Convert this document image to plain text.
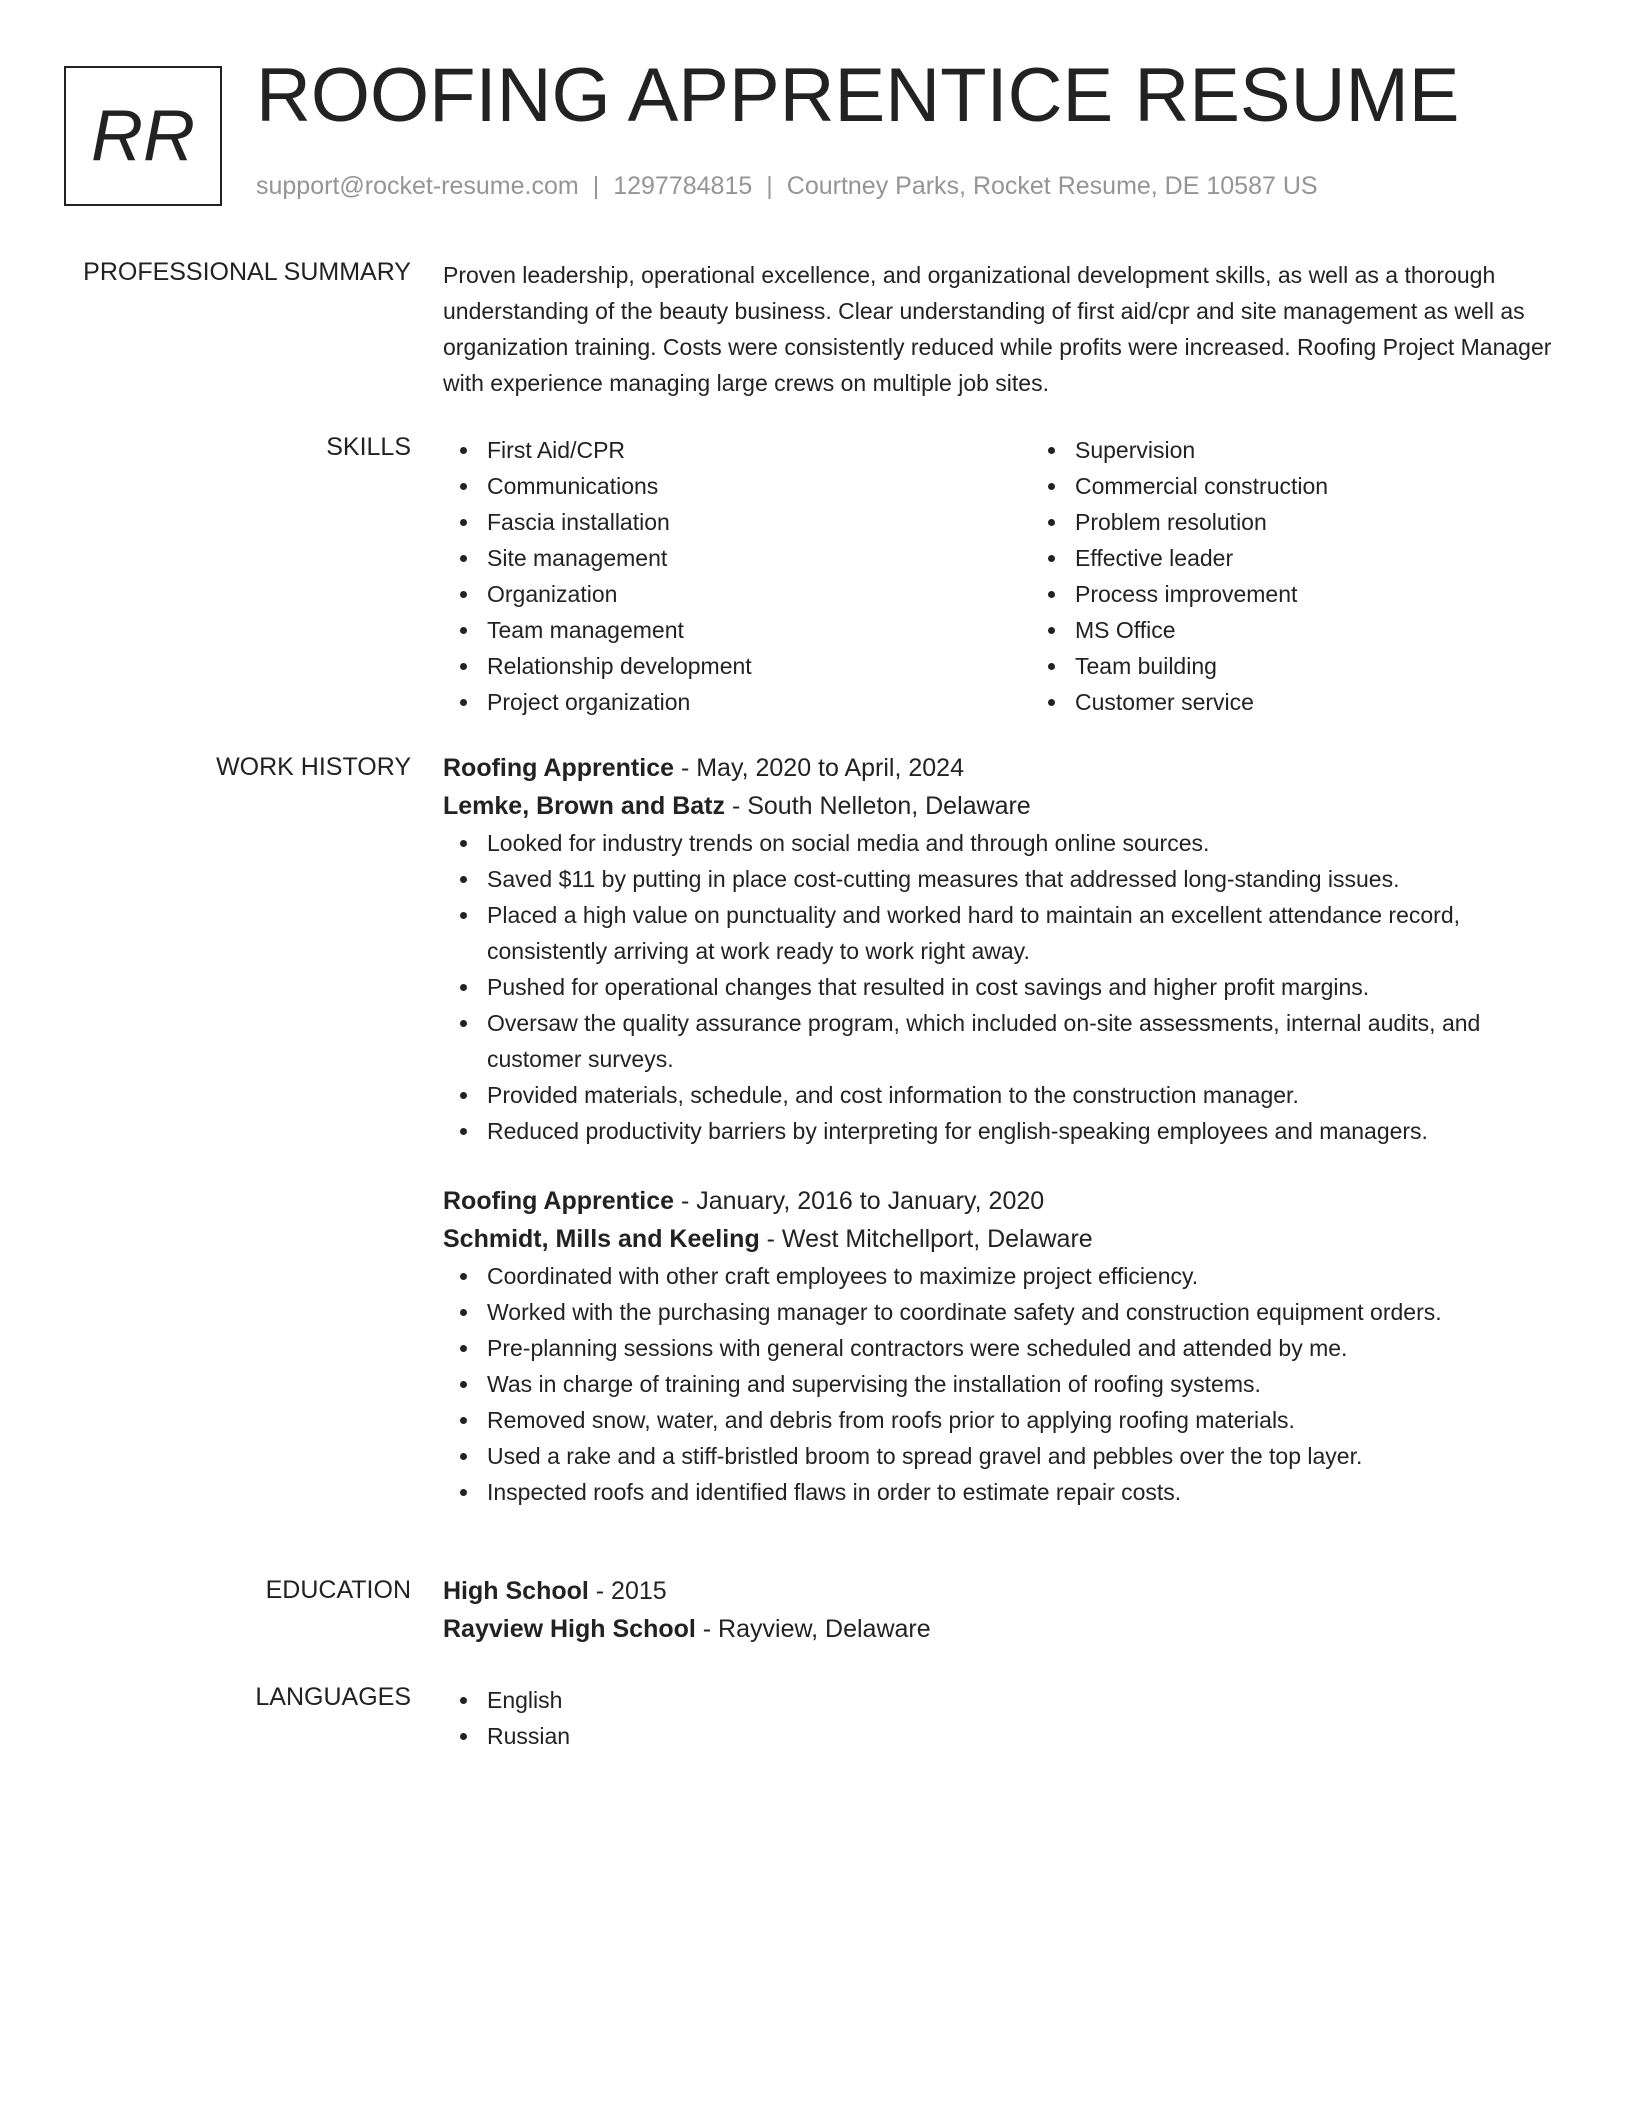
RR ROOFING APPRENTICE RESUME
support@rocket-resume.com | 1297784815 | Courtney Parks, Rocket Resume, DE 10587 US
PROFESSIONAL SUMMARY Proven leadership, operational excellence, and organizational development skills, as well as a thorough understanding of the beauty business. Clear understanding of first aid/cpr and site management as well as organization training. Costs were consistently reduced while profits were increased. Roofing Project Manager with experience managing large crews on multiple job sites.

SKILLS	First Aid/CPR
Communications
Fascia installation
Site management
Organization
Team management
Relationship development
Project organization
Supervision
Commercial construction
Problem resolution
Effective leader
Process improvement
MS Office
Team building
Customer service
WORK HISTORY Roofing Apprentice - May, 2020 to April, 2024
Lemke, Brown and Batz - South Nelleton, Delaware
Looked for industry trends on social media and through online sources.
Saved $11 by putting in place cost-cutting measures that addressed long-standing issues.
Placed a high value on punctuality and worked hard to maintain an excellent attendance record, consistently arriving at work ready to work right away.
Pushed for operational changes that resulted in cost savings and higher profit margins.
Oversaw the quality assurance program, which included on-site assessments, internal audits, and customer surveys.
Provided materials, schedule, and cost information to the construction manager.
Reduced productivity barriers by interpreting for english-speaking employees and managers.
Roofing Apprentice - January, 2016 to January, 2020
Schmidt, Mills and Keeling - West Mitchellport, Delaware
Coordinated with other craft employees to maximize project efficiency.
Worked with the purchasing manager to coordinate safety and construction equipment orders.
Pre-planning sessions with general contractors were scheduled and attended by me.
Was in charge of training and supervising the installation of roofing systems.
Removed snow, water, and debris from roofs prior to applying roofing materials.
Used a rake and a stiff-bristled broom to spread gravel and pebbles over the top layer.
Inspected roofs and identified flaws in order to estimate repair costs.
EDUCATION High School - 2015
Rayview High School - Rayview, Delaware
LANGUAGES	English
Russian
